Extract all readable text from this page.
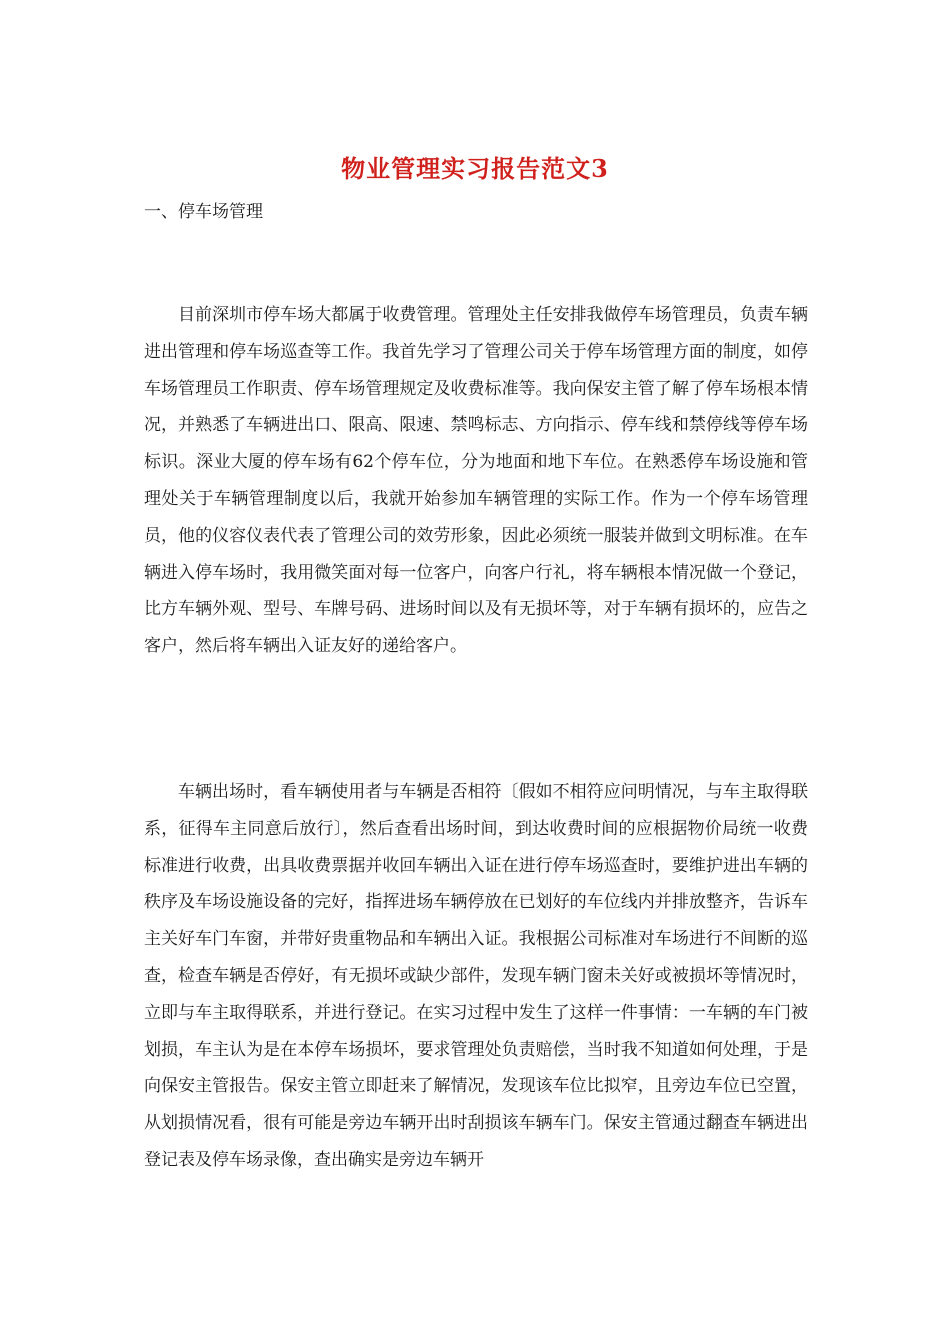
物业管理实习报告范文3
一、停车场管理

目前深圳市停车场大都属于收费管理。管理处主任安排我做停车场管理员，负责车辆进出管理和停车场巡查等工作。我首先学习了管理公司关于停车场管理方面的制度，如停车场管理员工作职责、停车场管理规定及收费标准等。我向保安主管了解了停车场根本情况，并熟悉了车辆进出口、限高、限速、禁鸣标志、方向指示、停车线和禁停线等停车场标识。深业大厦的停车场有62个停车位，分为地面和地下车位。在熟悉停车场设施和管理处关于车辆管理制度以后，我就开始参加车辆管理的实际工作。作为一个停车场管理员，他的仪容仪表代表了管理公司的效劳形象，因此必须统一服装并做到文明标准。在车辆进入停车场时，我用微笑面对每一位客户，向客户行礼，将车辆根本情况做一个登记，比方车辆外观、型号、车牌号码、进场时间以及有无损坏等，对于车辆有损坏的，应告之客户，然后将车辆出入证友好的递给客户。

车辆出场时，看车辆使用者与车辆是否相符〔假如不相符应问明情况，与车主取得联系，征得车主同意后放行〕，然后查看出场时间，到达收费时间的应根据物价局统一收费标准进行收费，出具收费票据并收回车辆出入证在进行停车场巡查时，要维护进出车辆的秩序及车场设施设备的完好，指挥进场车辆停放在已划好的车位线内并排放整齐，告诉车主关好车门车窗，并带好贵重物品和车辆出入证。我根据公司标准对车场进行不间断的巡查，检查车辆是否停好，有无损坏或缺少部件，发现车辆门窗未关好或被损坏等情况时，立即与车主取得联系，并进行登记。在实习过程中发生了这样一件事情：一车辆的车门被划损，车主认为是在本停车场损坏，要求管理处负责赔偿，当时我不知道如何处理，于是向保安主管报告。保安主管立即赶来了解情况，发现该车位比拟窄，且旁边车位已空置，从划损情况看，很有可能是旁边车辆开出时刮损该车辆车门。保安主管通过翻查车辆进出登记表及停车场录像，查出确实是旁边车辆开
